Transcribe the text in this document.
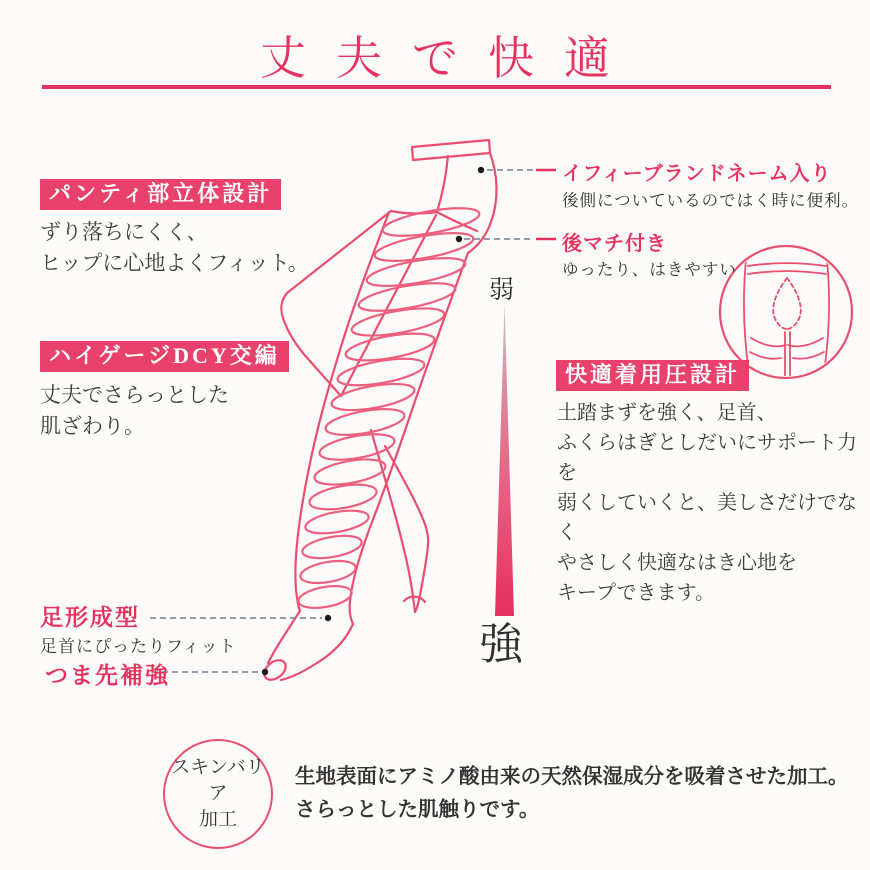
丈夫で快適
パンティ部立体設計
ずり落ちにくく、
ヒップに心地よくフィット。
ハイゲージDCY交編
丈夫でさらっとした
肌ざわり。
イフィーブランドネーム入り
後側についているのではく時に便利。
後マチ付き
ゆったり、はきやすい
快適着用圧設計
土踏まずを強く、足首、
ふくらはぎとしだいにサポート力を
弱くしていくと、美しさだけでなく
やさしく快適なはき心地を
キープできます。
弱
強
足形成型
足首にぴったりフィット
つま先補強
スキンバリア
加工
生地表面にアミノ酸由来の天然保湿成分を吸着させた加工。
さらっとした肌触りです。
